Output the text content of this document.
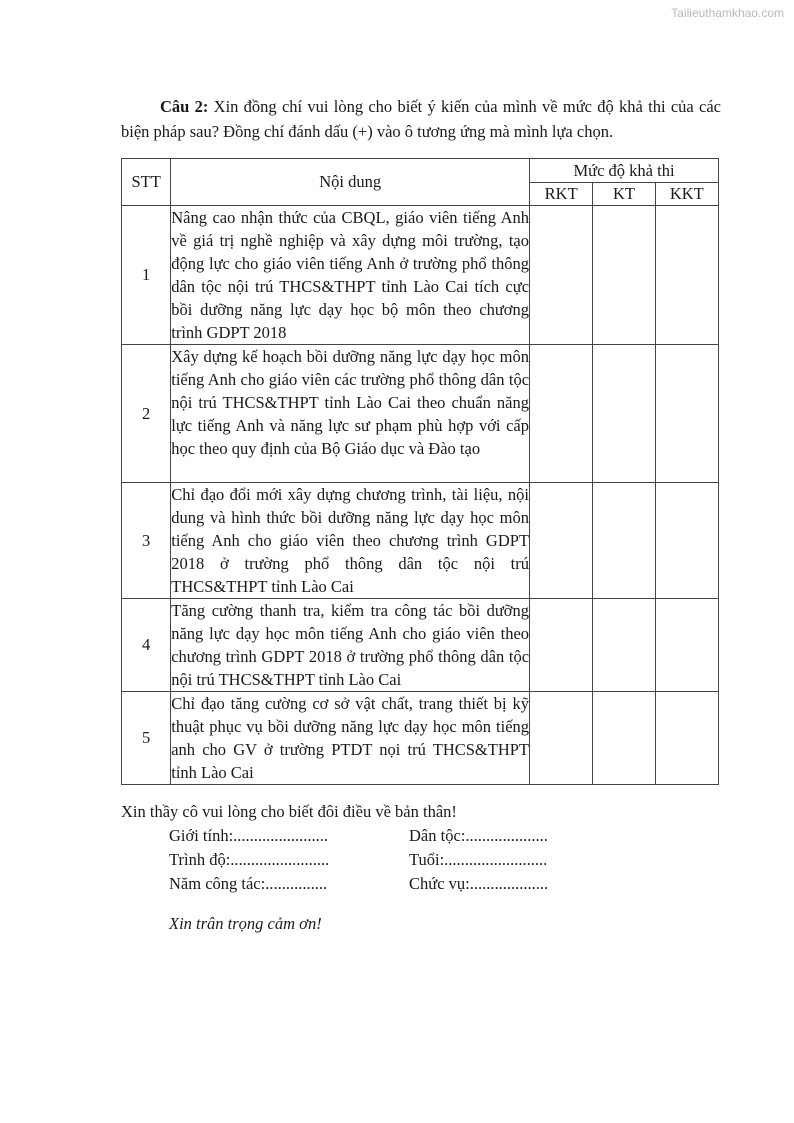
Tailieuthamkhao.com

Câu 2: Xin đồng chí vui lòng cho biết ý kiến của mình về mức độ khả thi của các biện pháp sau? Đồng chí đánh dấu (+) vào ô tương ứng mà mình lựa chọn.

STT	Nội dung	Mức độ khả thi		
		RKT	KT	KKT
1	Nâng cao nhận thức của CBQL, giáo viên tiếng Anh về giá trị nghề nghiệp và xây dựng môi trường, tạo động lực cho giáo viên tiếng Anh ở trường phổ thông dân tộc nội trú THCS&THPT tỉnh Lào Cai tích cực bồi dưỡng năng lực dạy học bộ môn theo chương trình GDPT 2018			
2	Xây dựng kế hoạch bồi dưỡng năng lực dạy học môn tiếng Anh cho giáo viên các trường phổ thông dân tộc nội trú THCS&THPT tỉnh Lào Cai theo chuẩn năng lực tiếng Anh và năng lực sư phạm phù hợp với cấp học theo quy định của Bộ Giáo dục và Đào tạo			
3	Chỉ đạo đổi mới xây dựng chương trình, tài liệu, nội dung và hình thức bồi dưỡng năng lực dạy học môn tiếng Anh cho giáo viên theo chương trình GDPT 2018 ở trường phổ thông dân tộc nội trú THCS&THPT tỉnh Lào Cai			
4	Tăng cường thanh tra, kiểm tra công tác bồi dưỡng năng lực dạy học môn tiếng Anh cho giáo viên theo chương trình GDPT 2018 ở trường phổ thông dân tộc nội trú THCS&THPT tỉnh Lào Cai			
5	Chỉ đạo tăng cường cơ sở vật chất, trang thiết bị kỹ thuật phục vụ bồi dưỡng năng lực dạy học môn tiếng anh cho GV ở trường PTDT nọi trú THCS&THPT tỉnh Lào Cai			

Xin thầy cô vui lòng cho biết đôi điều về bản thân!

Giới tính:.......................	Dân tộc:....................
Trình độ:........................	Tuổi:.........................
Năm công tác:...............	Chức vụ:...................
Xin trân trọng cảm ơn!
